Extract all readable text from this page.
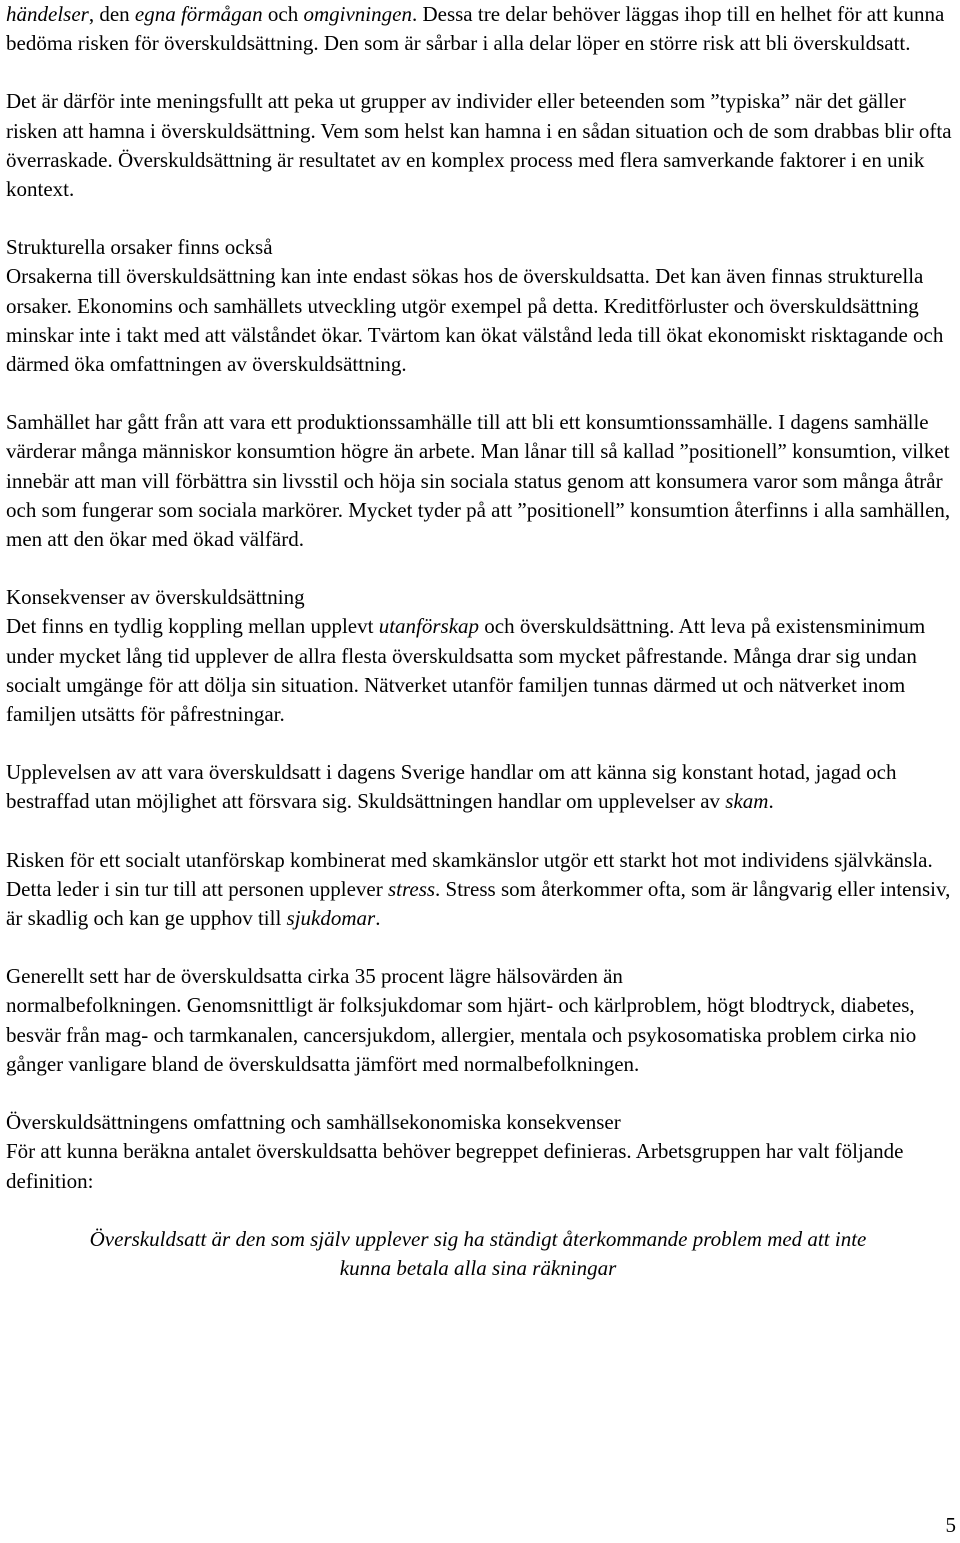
händelser, den egna förmågan och omgivningen. Dessa tre delar behöver läggas ihop till en helhet för att kunna bedöma risken för överskuldsättning. Den som är sårbar i alla delar löper en större risk att bli överskuldsatt.

Det är därför inte meningsfullt att peka ut grupper av individer eller beteenden som ”typiska” när det gäller risken att hamna i överskuldsättning. Vem som helst kan hamna i en sådan situation och de som drabbas blir ofta överraskade. Överskuldsättning är resultatet av en komplex process med flera samverkande faktorer i en unik kontext.

Strukturella orsaker finns också

Orsakerna till överskuldsättning kan inte endast sökas hos de överskuldsatta. Det kan även finnas strukturella orsaker. Ekonomins och samhällets utveckling utgör exempel på detta. Kreditförluster och överskuldsättning minskar inte i takt med att välståndet ökar. Tvärtom kan ökat välstånd leda till ökat ekonomiskt risktagande och därmed öka omfattningen av överskuldsättning.

Samhället har gått från att vara ett produktionssamhälle till att bli ett konsumtionssamhälle. I dagens samhälle värderar många människor konsumtion högre än arbete. Man lånar till så kallad ”positionell” konsumtion, vilket innebär att man vill förbättra sin livsstil och höja sin sociala status genom att konsumera varor som många åtrår och som fungerar som sociala markörer. Mycket tyder på att ”positionell” konsumtion återfinns i alla samhällen, men att den ökar med ökad välfärd.

Konsekvenser av överskuldsättning

Det finns en tydlig koppling mellan upplevt utanförskap och överskuldsättning. Att leva på existensminimum under mycket lång tid upplever de allra flesta överskuldsatta som mycket påfrestande. Många drar sig undan socialt umgänge för att dölja sin situation. Nätverket utanför familjen tunnas därmed ut och nätverket inom familjen utsätts för påfrestningar.

Upplevelsen av att vara överskuldsatt i dagens Sverige handlar om att känna sig konstant hotad, jagad och bestraffad utan möjlighet att försvara sig. Skuldsättningen handlar om upplevelser av skam.

Risken för ett socialt utanförskap kombinerat med skamkänslor utgör ett starkt hot mot individens självkänsla. Detta leder i sin tur till att personen upplever stress. Stress som återkommer ofta, som är långvarig eller intensiv, är skadlig och kan ge upphov till sjukdomar.

Generellt sett har de överskuldsatta cirka 35 procent lägre hälsovärden än
normalbefolkningen. Genomsnittligt är folksjukdomar som hjärt- och kärlproblem, högt blodtryck, diabetes, besvär från mag- och tarmkanalen, cancersjukdom, allergier, mentala och psykosomatiska problem cirka nio gånger vanligare bland de överskuldsatta jämfört med normalbefolkningen.

Överskuldsättningens omfattning och samhällsekonomiska konsekvenser

För att kunna beräkna antalet överskuldsatta behöver begreppet definieras. Arbetsgruppen har valt följande definition:

Överskuldsatt är den som själv upplever sig ha ständigt återkommande problem med att inte
kunna betala alla sina räkningar

5
